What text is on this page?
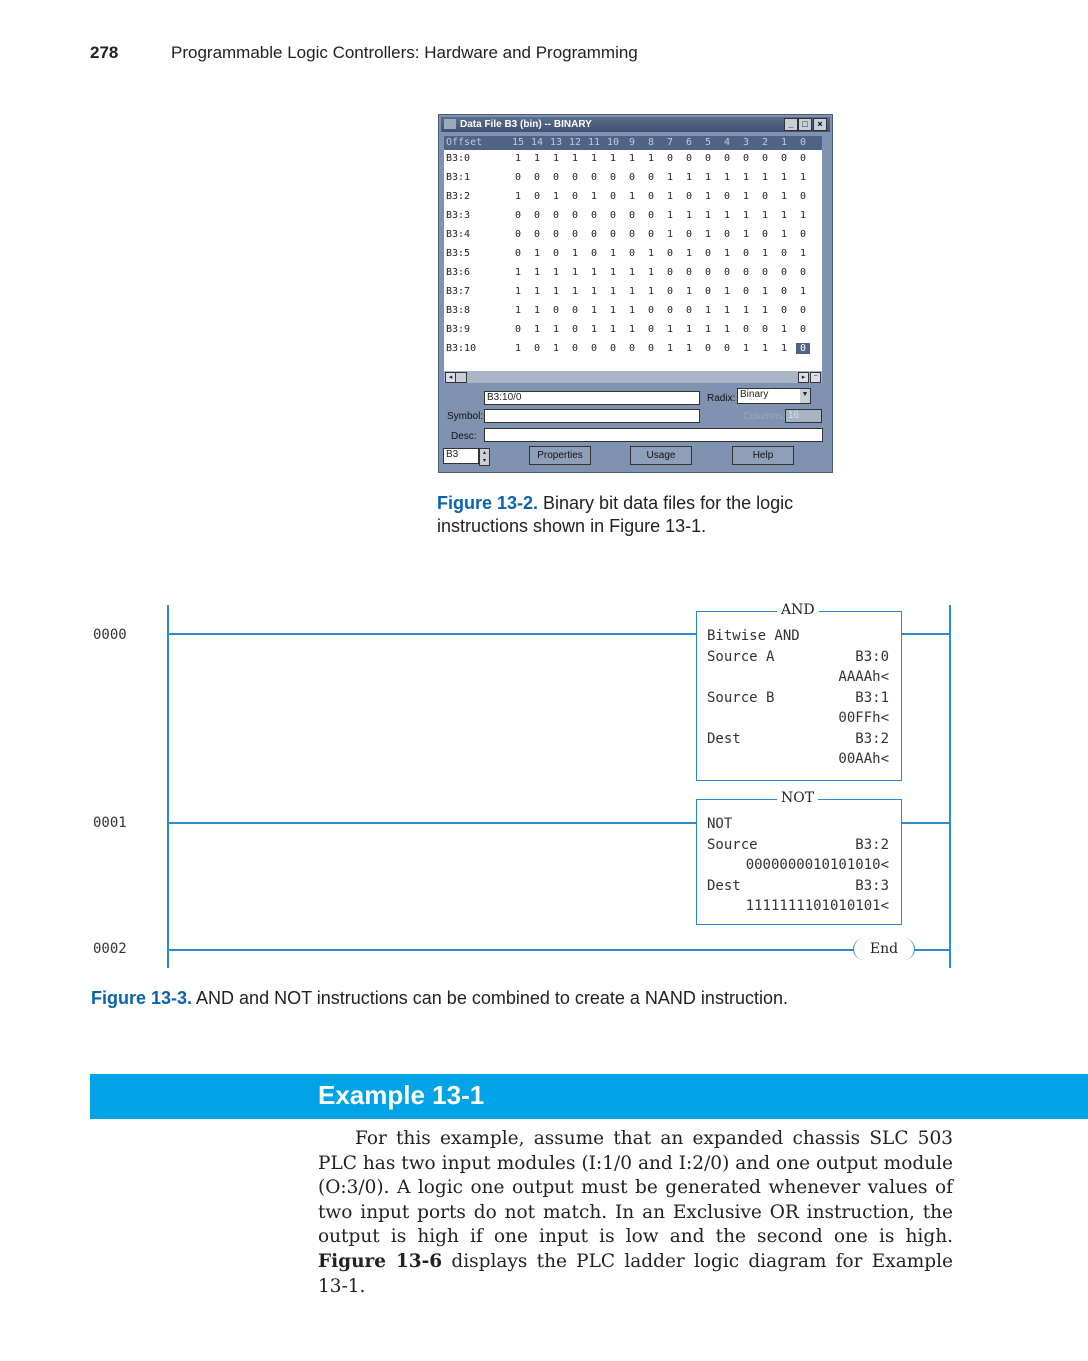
278	Programmable Logic Controllers: Hardware and Programming
Data File B3 (bin) -- BINARY	_ □	×
Offset	15 14 13 12 11 10 9	8	7	6	5	4	3	2	1	0
B3:0	1	1	1	1	1	1	1	1	0	0	0	0	0	0	0	0
B3:1	0	0	0	0	0	0	0	0	1	1	1	1	1	1	1	1
B3:2	1	0	1	0	1	0	1	0	1	0	1	0	1	0	1	0
B3:3	0	0	0	0	0	0	0	0	1	1	1	1	1	1	1	1
B3:4	0	0	0	0	0	0	0	0	1	0	1	0	1	0	1	0
B3:5	0	1	0	1	0	1	0	1	0	1	0	1	0	1	0	1
B3:6	1	1	1	1	1	1	1	1	0	0	0	0	0	0	0	0
B3:7	1	1	1	1	1	1	1	1	0	1	0	1	0	1	0	1
B3:8	1	1	0	0	1	1	1	0	0	0	1	1	1	1	0	0
B3:9	0	1	1	0	1	1	1	0	1	1	1	1	0	0	1	0
B3:10	1	0	1	0	0	0	0	0	1	1	0	0	1	1	1	0
◂	▸	−
B3:10/0	Radix: Binary	▼
Symbol:	Columns: 16
Desc:
B3	▴
▾	Properties	Usage	Help
Figure 13-2. Binary bit data files for the logic
instructions shown in Figure 13-1.
0000
0001
0002
AND
Bitwise AND
Source A	B3:0
AAAAh<
Source B	B3:1
00FFh<
Dest	B3:2
00AAh<
NOT
NOT
Source	B3:2
0000000010101010<
Dest	B3:3
1111111101010101<
End
Figure 13-3. AND and NOT instructions can be combined to create a NAND instruction.
Example 13-1
  For this example, assume that an expanded chassis SLC 503 PLC has two input modules (I:1/0 and I:2/0) and one output module (O:3/0). A logic one output must be generated whenever values of two input ports do not match. In an Exclusive OR instruction, the output is high if one input is low and the second one is high. Figure 13-6 displays the PLC ladder logic diagram for Example 13-1.
